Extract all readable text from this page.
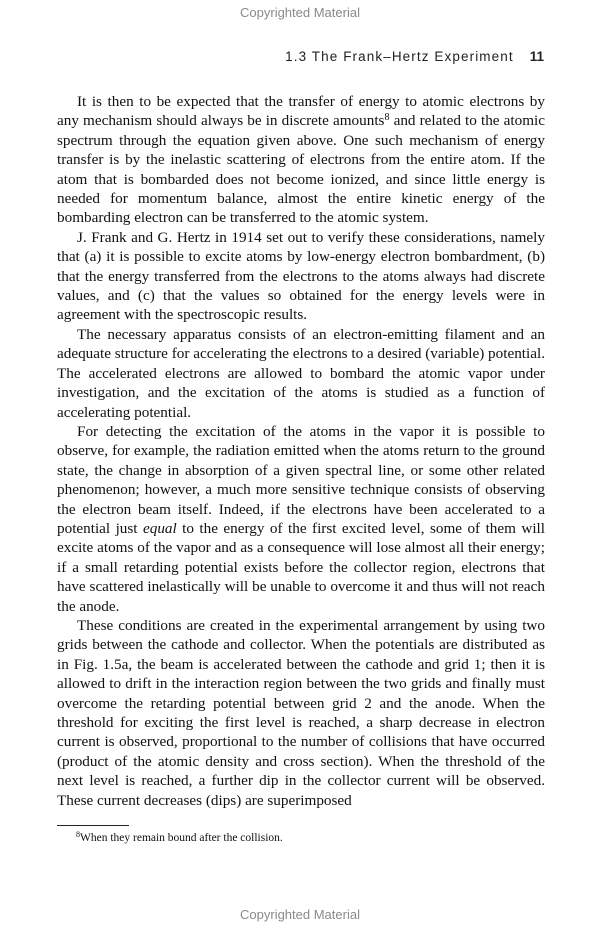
Copyrighted Material
1.3 The Frank–Hertz Experiment 11

It is then to be expected that the transfer of energy to atomic electrons by any mechanism should always be in discrete amounts$^8$ and related to the atomic spectrum through the equation given above. One such mechanism of energy transfer is by the inelastic scattering of electrons from the entire atom. If the atom that is bombarded does not become ionized, and since little energy is needed for momentum balance, almost the entire kinetic energy of the bombarding electron can be transferred to the atomic system.

J. Frank and G. Hertz in 1914 set out to verify these considerations, namely that (a) it is possible to excite atoms by low-energy electron bombardment, (b) that the energy transferred from the electrons to the atoms always had discrete values, and (c) that the values so obtained for the energy levels were in agreement with the spectroscopic results.

The necessary apparatus consists of an electron-emitting filament and an adequate structure for accelerating the electrons to a desired (variable) potential. The accelerated electrons are allowed to bombard the atomic vapor under investigation, and the excitation of the atoms is studied as a function of accelerating potential.

For detecting the excitation of the atoms in the vapor it is possible to observe, for example, the radiation emitted when the atoms return to the ground state, the change in absorption of a given spectral line, or some other related phenomenon; however, a much more sensitive technique consists of observing the electron beam itself. Indeed, if the electrons have been accelerated to a potential just equal to the energy of the first excited level, some of them will excite atoms of the vapor and as a consequence will lose almost all their energy; if a small retarding potential exists before the collector region, electrons that have scattered inelastically will be unable to overcome it and thus will not reach the anode.

These conditions are created in the experimental arrangement by using two grids between the cathode and collector. When the potentials are distributed as in Fig. 1.5a, the beam is accelerated between the cathode and grid 1; then it is allowed to drift in the interaction region between the two grids and finally must overcome the retarding potential between grid 2 and the anode. When the threshold for exciting the first level is reached, a sharp decrease in electron current is observed, proportional to the number of collisions that have occurred (product of the atomic density and cross section). When the threshold of the next level is reached, a further dip in the collector current will be observed. These current decreases (dips) are superimposed

$^8$When they remain bound after the collision.
Copyrighted Material
